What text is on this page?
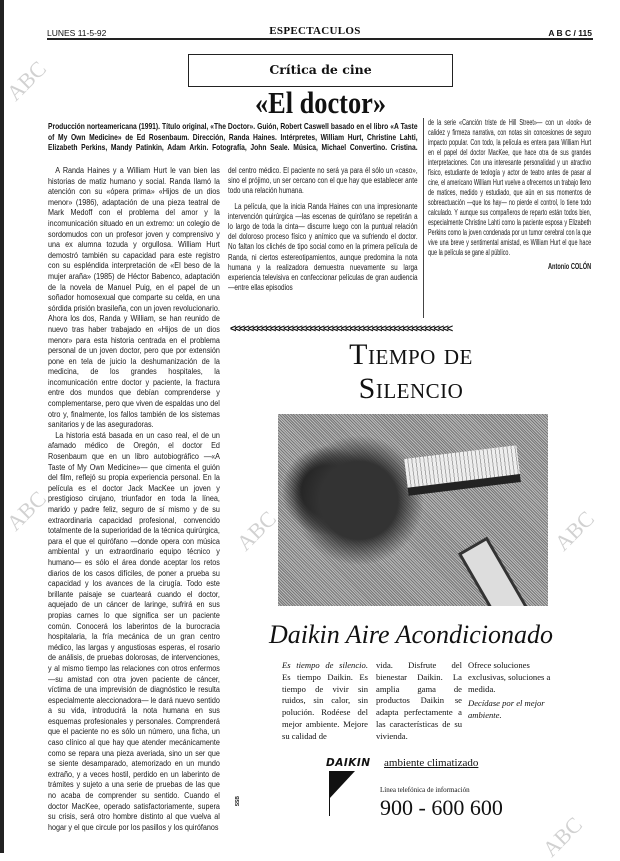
LUNES 11-5-92	ESPECTACULOS	A B C / 115
Crítica de cine
«El doctor»
Producción norteamericana (1991). Título original, «The Doctor». Guión, Robert Caswell basado en el libro «A Taste of My Own Medicine» de Ed Rosenbaum. Dirección, Randa Haines. Intérpretes, William Hurt, Christine Lahti, Elizabeth Perkins, Mandy Patinkin, Adam Arkin. Fotografía, John Seale. Música, Michael Convertino. Cristina.

A Randa Haines y a William Hurt le van bien las historias de matiz humano y social. Randa llamó la atención con su «ópera prima» «Hijos de un dios menor» (1986), adaptación de una pieza teatral de Mark Medoff con el problema del amor y la incomunicación situado en un extremo: un colegio de sordomudos con un profesor joven y comprensivo y una ex alumna tozuda y orgullosa. William Hurt demostró también su capacidad para este registro con su espléndida interpretación de «El beso de la mujer araña» (1985) de Héctor Babenco, adaptación de la novela de Manuel Puig, en el papel de un soñador homosexual que comparte su celda, en una sórdida prisión brasileña, con un joven revolucionario. Ahora los dos, Randa y William, se han reunido de nuevo tras haber trabajado en «Hijos de un dios menor» para esta historia centrada en el problema personal de un joven doctor, pero que por extensión pone en tela de juicio la deshumanización de la medicina, de los grandes hospitales, la incomunicación entre doctor y paciente, la fractura entre dos mundos que debían comprenderse y complementarse, pero que viven de espaldas uno del otro y, finalmente, los fallos también de los sistemas sanitarios y de las aseguradoras.

La historia está basada en un caso real, el de un afamado médico de Oregón, el doctor Ed Rosenbaum que en un libro autobiográfico —«A Taste of My Own Medicine»— que cimenta el guión del film, reflejó su propia experiencia personal. En la película es el doctor Jack MacKee un joven y prestigioso cirujano, triunfador en toda la línea, marido y padre feliz, seguro de sí mismo y de su extraordinaria capacidad profesional, convencido totalmente de la superioridad de la técnica quirúrgica, para el que el quirófano —donde opera con música ambiental y un extraordinario equipo técnico y humano— es sólo el área donde aceptar los retos diarios de los casos difíciles, de poner a prueba su capacidad y los avances de la cirugía. Todo este brillante paisaje se cuarteará cuando el doctor, aquejado de un cáncer de laringe, sufrirá en sus propias carnes lo que significa ser un paciente común. Conocerá los laberintos de la burocracia hospitalaria, la fría mecánica de un gran centro médico, las largas y angustiosas esperas, el rosario de análisis, de pruebas dolorosas, de intervenciones, y al mismo tiempo las relaciones con otros enfermos —su amistad con otra joven paciente de cáncer, víctima de una imprevisión de diagnóstico le resulta especialmente aleccionadora— le dará nuevo sentido a su vida, introducirá la nota humana en sus esquemas profesionales y personales. Comprenderá que el paciente no es sólo un número, una ficha, un caso clínico al que hay que atender mecánicamente como se repara una pieza averiada, sino un ser que se siente desamparado, atemorizado en un mundo extraño, y a veces hostil, perdido en un laberinto de trámites y sujeto a una serie de pruebas de las que no acaba de comprender su sentido. Cuando el doctor MacKee, operado satisfactoriamente, supera su crisis, será otro hombre distinto al que vuelva al hogar y el que circule por los pasillos y los quirófanos

del centro médico. El paciente no será ya para él sólo un «caso», sino el prójimo, un ser cercano con el que hay que establecer ante todo una relación humana.

La película, que la inicia Randa Haines con una impresionante intervención quirúrgica —las escenas de quirófano se repetirán a lo largo de toda la cinta— discurre luego con la puntual relación del doloroso proceso físico y anímico que va sufriendo el doctor. No faltan los clichés de tipo social como en la primera película de Randa, ni ciertos estereotipamientos, aunque predomina la nota humana y la realizadora demuestra nuevamente su larga experiencia televisiva en confeccionar películas de gran audiencia —entre ellas episodios

de la serie «Canción triste de Hill Street»— con un «look» de calidez y firmeza narrativa, con notas sin concesiones de seguro impacto popular. Con todo, la película es entera para William Hurt en el papel del doctor MacKee, que hace otra de sus grandes interpretaciones. Con una interesante personalidad y un atractivo físico, estudiante de teología y actor de teatro antes de pasar al cine, el americano William Hurt vuelve a ofrecernos un trabajo lleno de matices, medido y estudiado, que aún en sus momentos de sobreactuación —que los hay— no pierde el control, lo tiene todo calculado. Y aunque sus compañeros de reparto están todos bien, especialmente Christine Lahti como la paciente esposa y Elizabeth Perkins como la joven condenada por un tumor cerebral con la que vive una breve y sentimental amistad, es William Hurt el que hace que la película se gane al público.

Antonio COLÓN
<<<<<<<<<<<<<<<<<<<<<<<<<<<<<<<<<<<<<<<<<<<<<<<<<<
Tiempo de
Silencio
Daikin Aire Acondicionado
Es tiempo de silencio. Es tiempo Daikin. Es tiempo de vivir sin ruidos, sin calor, sin polución. Rodéese del mejor ambiente. Mejore su calidad de
vida. Disfrute del bienestar Daikin. La amplia gama de productos Daikin se adapta perfectamente a las características de su vivienda.
Ofrece soluciones exclusivas, soluciones a medida.
Decídase por el mejor ambiente.
DAIKIN ambiente climatizado
Línea telefónica de información
900 - 600 600
SSB
ABC
ABC	ABC	ABC
ABC
